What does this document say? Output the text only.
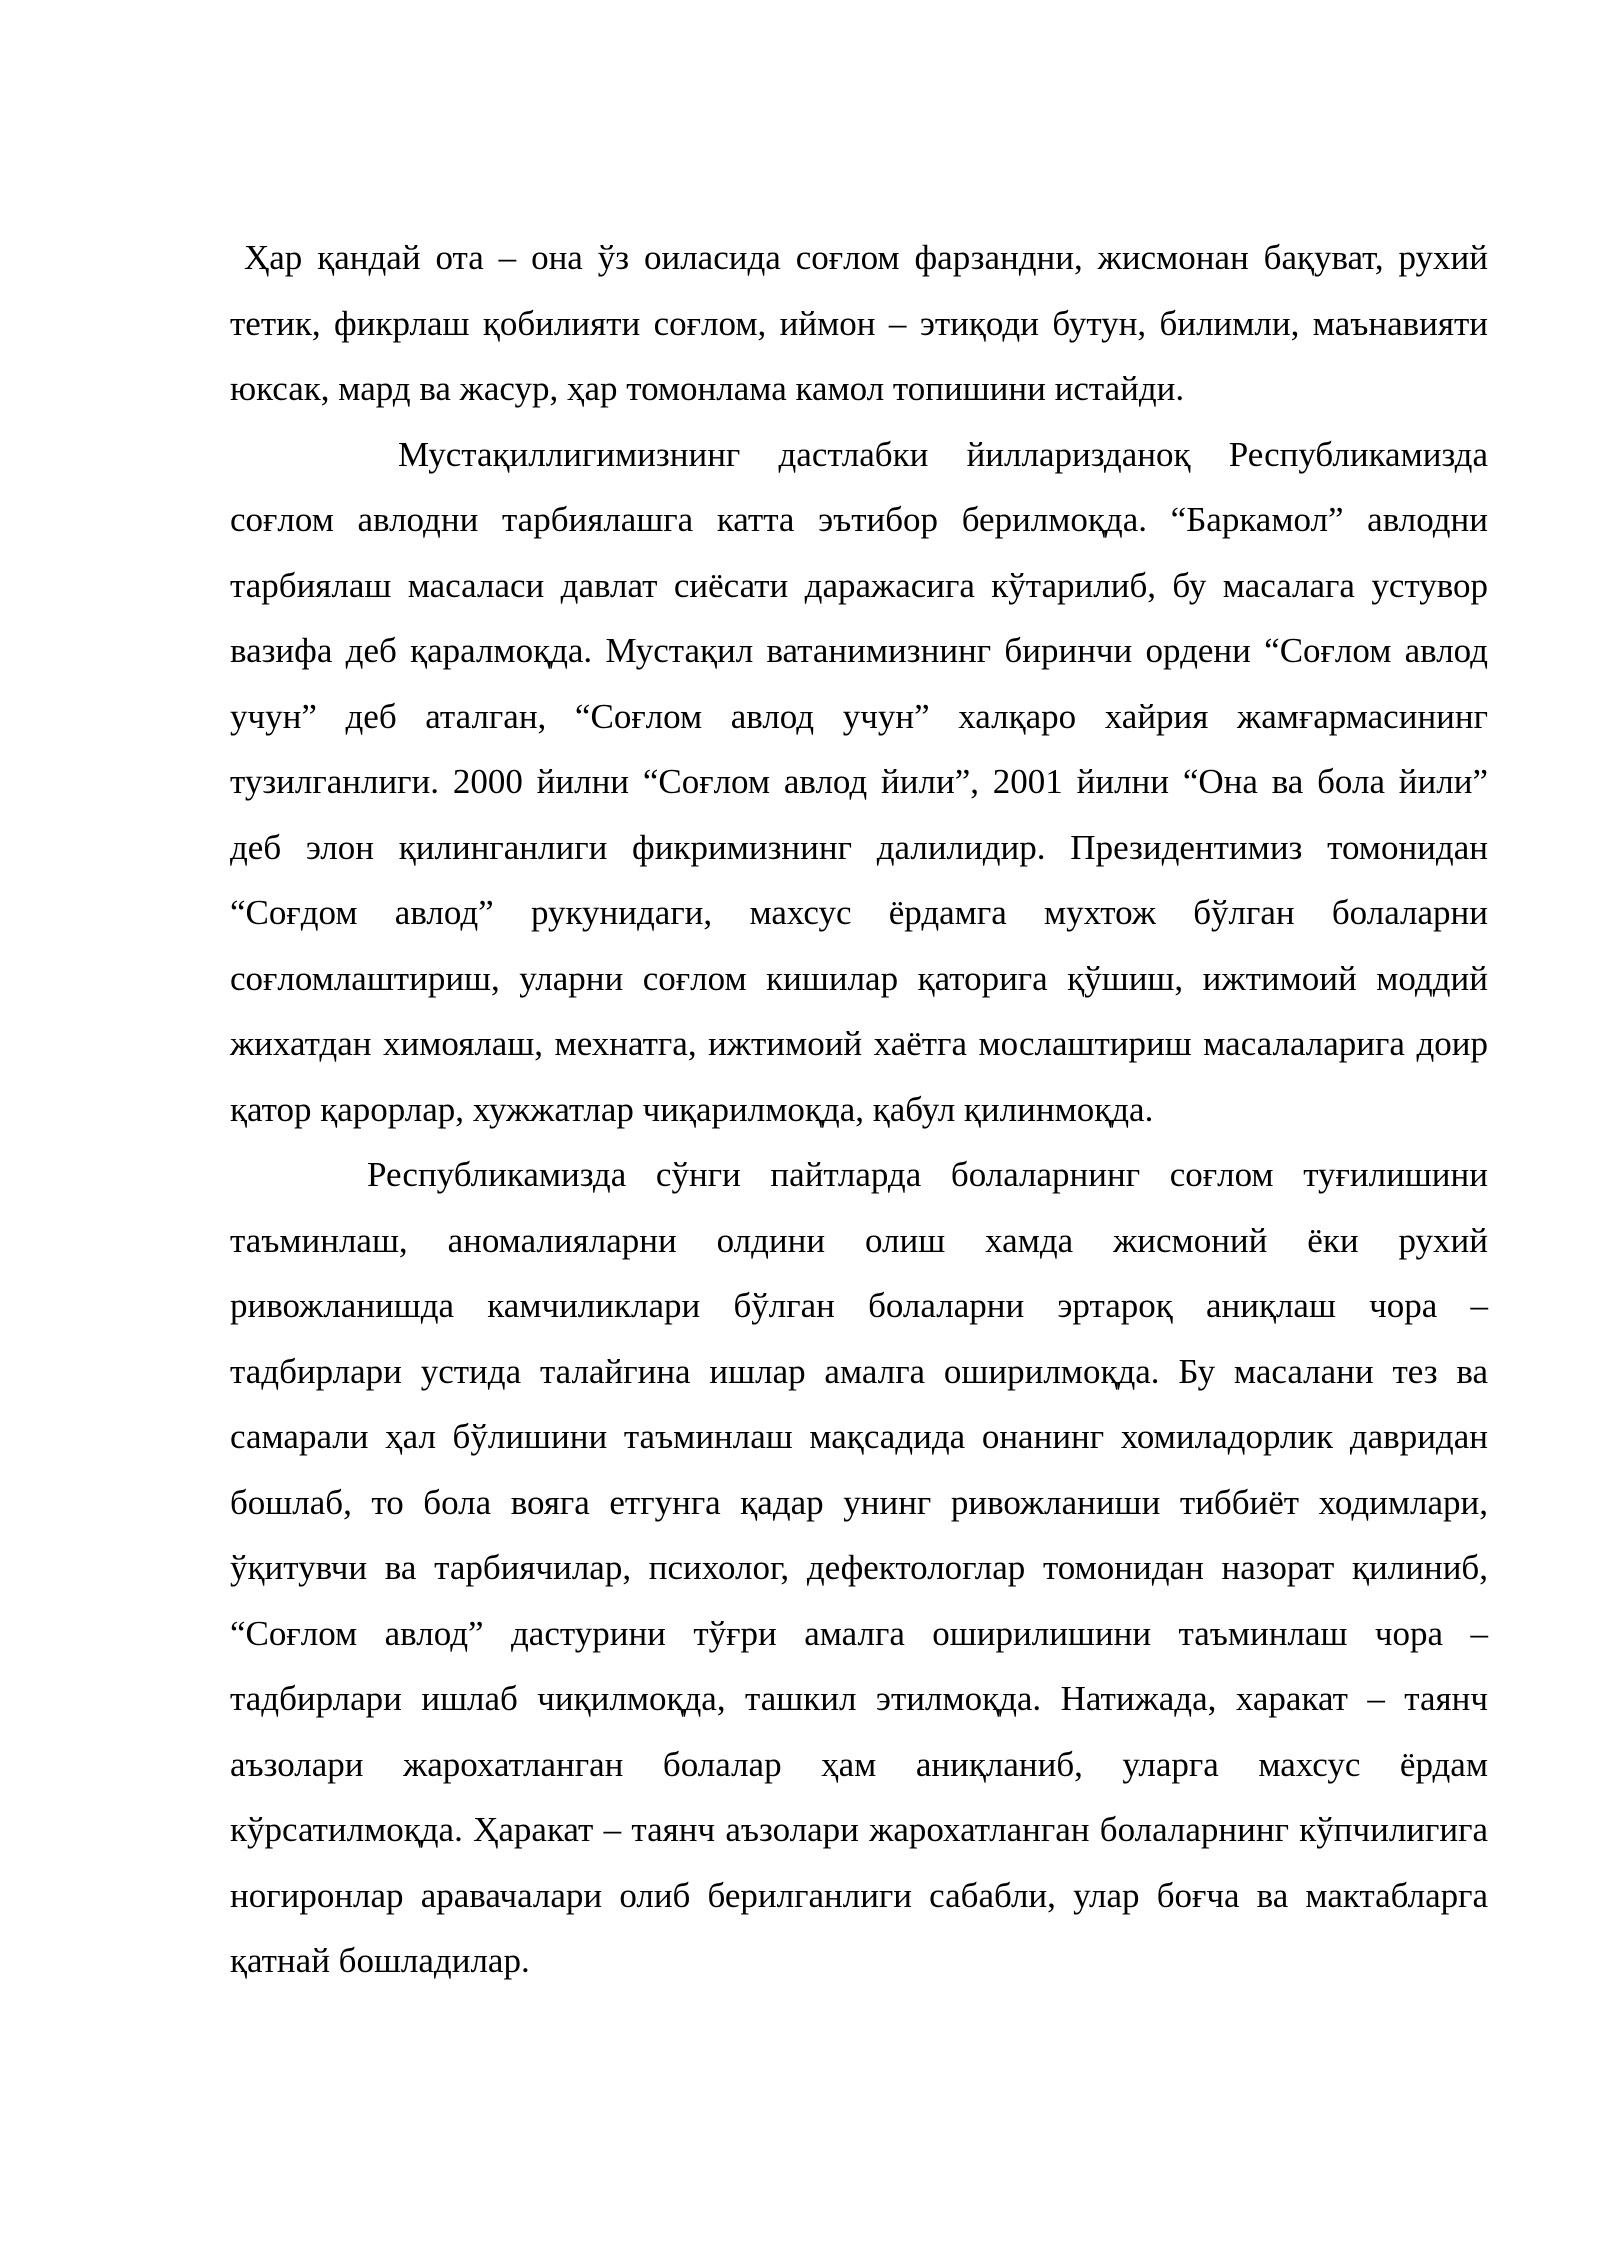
Ҳар қандай ота – она ўз оиласида соғлом фарзандни, жисмонан бақуват, рухий тетик, фикрлаш қобилияти соғлом, иймон – этиқоди бутун, билимли, маънавияти юксак, мард ва жасур, ҳар томонлама камол топишини истайди.

Мустақиллигимизнинг дастлабки йилларизданоқ Республикамизда соғлом авлодни тарбиялашга катта эътибор берилмоқда. “Баркамол” авлодни тарбиялаш масаласи давлат сиёсати даражасига кўтарилиб, бу масалага устувор вазифа деб қаралмоқда. Мустақил ватанимизнинг биринчи ордени “Соғлом авлод учун” деб аталган, “Соғлом авлод учун” халқаро хайрия жамғармасининг тузилганлиги. 2000 йилни “Соғлом авлод йили”, 2001 йилни “Она ва бола йили” деб элон қилинганлиги фикримизнинг далилидир. Президентимиз томонидан “Соғдом авлод” рукунидаги, махсус ёрдамга мухтож бўлган болаларни соғломлаштириш, уларни соғлом кишилар қаторига қўшиш, ижтимоий моддий жихатдан химоялаш, мехнатга, ижтимоий хаётга мослаштириш масалаларига доир қатор қарорлар, хужжатлар чиқарилмоқда, қабул қилинмоқда.

Республикамизда сўнги пайтларда болаларнинг соғлом туғилишини таъминлаш, аномалияларни олдини олиш хамда жисмоний ёки рухий ривожланишда камчиликлари бўлган болаларни эртароқ аниқлаш чора – тадбирлари устида талайгина ишлар амалга оширилмоқда. Бу масалани тез ва самарали ҳал бўлишини таъминлаш мақсадида онанинг хомиладорлик давридан бошлаб, то бола вояга етгунга қадар унинг ривожланиши тиббиёт ходимлари, ўқитувчи ва тарбиячилар, психолог, дефектологлар томонидан назорат қилиниб, “Соғлом авлод” дастурини тўғри амалга оширилишини таъминлаш чора – тадбирлари ишлаб чиқилмоқда, ташкил этилмоқда. Натижада, харакат – таянч аъзолари жарохатланган болалар ҳам аниқланиб, уларга махсус ёрдам кўрсатилмоқда. Ҳаракат – таянч аъзолари жарохатланган болаларнинг кўпчилигига ногиронлар аравачалари олиб берилганлиги сабабли, улар боғча ва мактабларга қатнай бошладилар.
